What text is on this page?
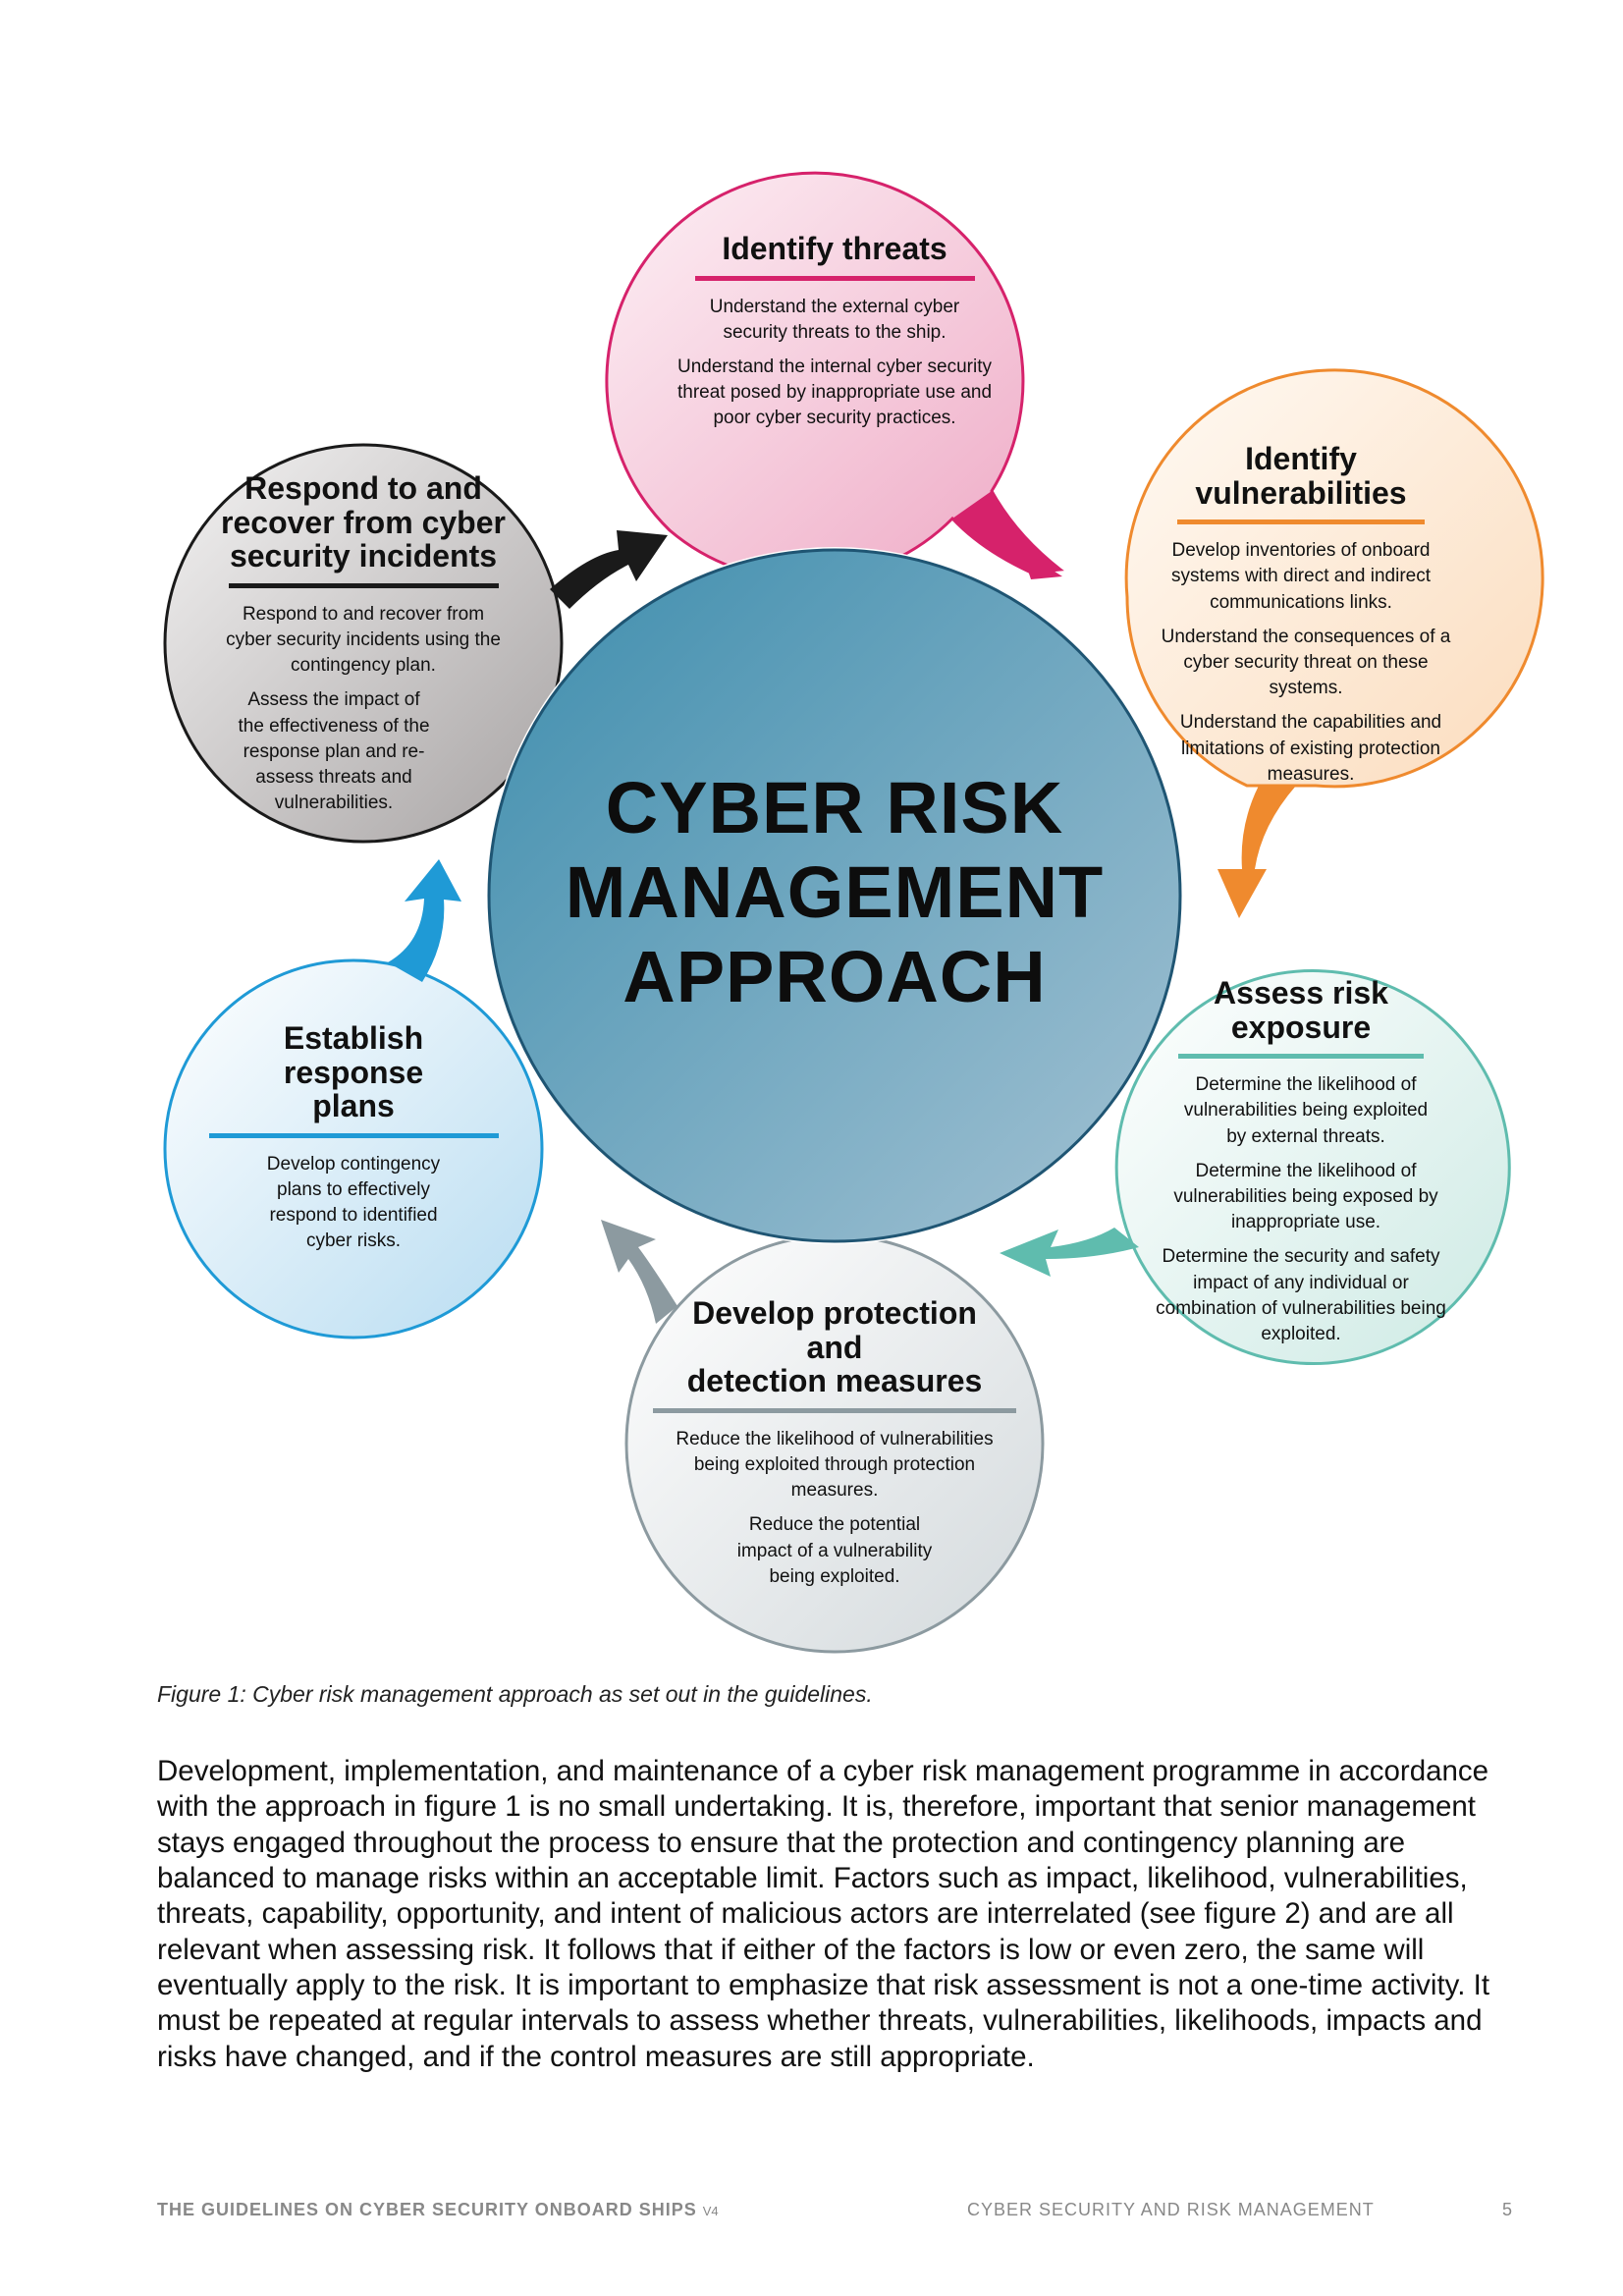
CYBER RISK
MANAGEMENT
APPROACH
Identify threats

Understand the external cyber security threats to the ship.

Understand the internal cyber security threat posed by inappropriate use and poor cyber security practices.

Identify
vulnerabilities

Develop inventories of onboard systems with direct and indirect communications links.

Understand the consequences of a cyber security threat on these systems.

Understand the capabilities and limitations of existing protection measures.

Assess risk
exposure

Determine the likelihood of vulnerabilities being exploited by external threats.

Determine the likelihood of vulnerabilities being exposed by inappropriate use.

Determine the security and safety impact of any individual or combination of vulnerabilities being exploited.

Develop protection
and
detection measures

Reduce the likelihood of vulnerabilities being exploited through protection measures.

Reduce the potential impact of a vulnerability being exploited.

Establish
response
plans

Develop contingency plans to effectively respond to identified cyber risks.

Respond to and
recover from cyber
security incidents

Respond to and recover from cyber security incidents using the contingency plan.

Assess the impact of the effectiveness of the response plan and re-assess threats and vulnerabilities.

Figure 1: Cyber risk management approach as set out in the guidelines.
Development, implementation, and maintenance of a cyber risk management programme in accordance with the approach in figure 1 is no small undertaking. It is, therefore, important that senior management stays engaged throughout the process to ensure that the protection and contingency planning are balanced to manage risks within an acceptable limit. Factors such as impact, likelihood, vulnerabilities, threats, capability, opportunity, and intent of malicious actors are interrelated (see figure 2) and are all relevant when assessing risk. It follows that if either of the factors is low or even zero, the same will eventually apply to the risk. It is important to emphasize that risk assessment is not a one-time activity. It must be repeated at regular intervals to assess whether threats, vulnerabilities, likelihoods, impacts and risks have changed, and if the control measures are still appropriate.
THE GUIDELINES ON CYBER SECURITY ONBOARD SHIPS V4	CYBER SECURITY AND RISK MANAGEMENT	5
